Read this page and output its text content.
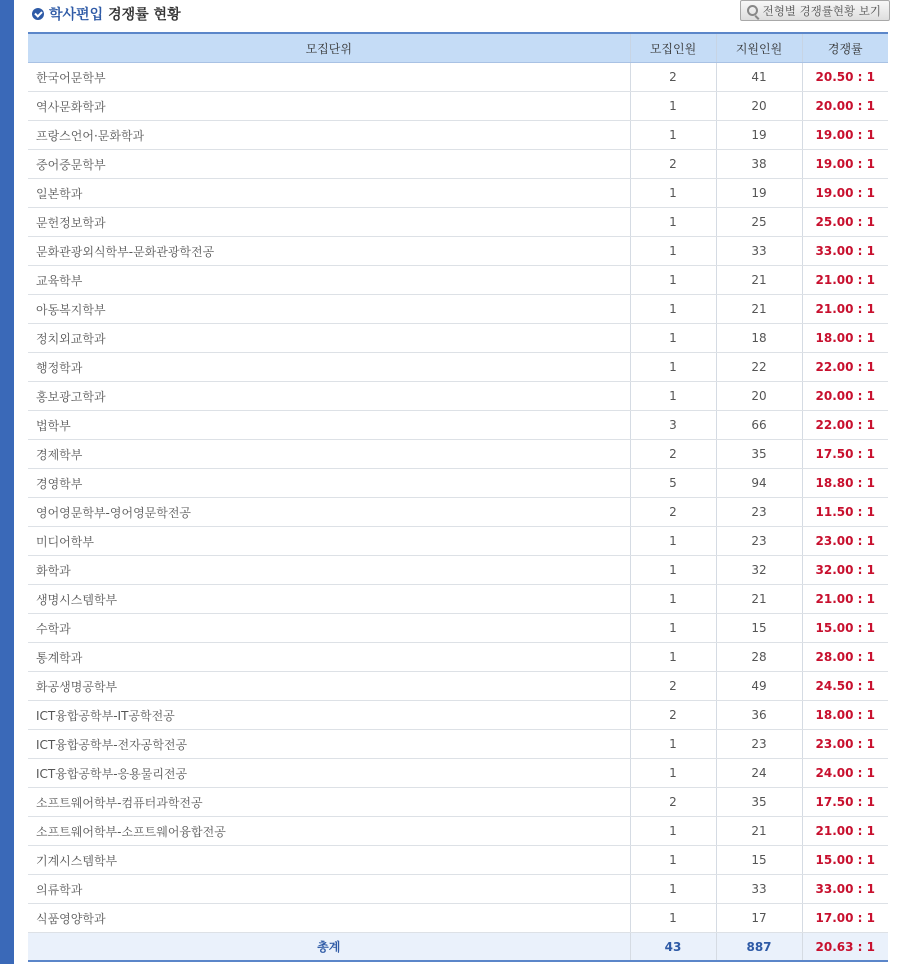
학사편입 경쟁률 현황	전형별 경쟁률현황 보기
모집단위	모집인원	지원인원	경쟁률
한국어문학부	2	41	20.50 : 1
역사문화학과	1	20	20.00 : 1
프랑스언어·문화학과	1	19	19.00 : 1
중어중문학부	2	38	19.00 : 1
일본학과	1	19	19.00 : 1
문헌정보학과	1	25	25.00 : 1
문화관광외식학부-문화관광학전공	1	33	33.00 : 1
교육학부	1	21	21.00 : 1
아동복지학부	1	21	21.00 : 1
정치외교학과	1	18	18.00 : 1
행정학과	1	22	22.00 : 1
홍보광고학과	1	20	20.00 : 1
법학부	3	66	22.00 : 1
경제학부	2	35	17.50 : 1
경영학부	5	94	18.80 : 1
영어영문학부-영어영문학전공	2	23	11.50 : 1
미디어학부	1	23	23.00 : 1
화학과	1	32	32.00 : 1
생명시스템학부	1	21	21.00 : 1
수학과	1	15	15.00 : 1
통계학과	1	28	28.00 : 1
화공생명공학부	2	49	24.50 : 1
ICT융합공학부-IT공학전공	2	36	18.00 : 1
ICT융합공학부-전자공학전공	1	23	23.00 : 1
ICT융합공학부-응용물리전공	1	24	24.00 : 1
소프트웨어학부-컴퓨터과학전공	2	35	17.50 : 1
소프트웨어학부-소프트웨어융합전공	1	21	21.00 : 1
기계시스템학부	1	15	15.00 : 1
의류학과	1	33	33.00 : 1
식품영양학과	1	17	17.00 : 1
총계	43	887	20.63 : 1
